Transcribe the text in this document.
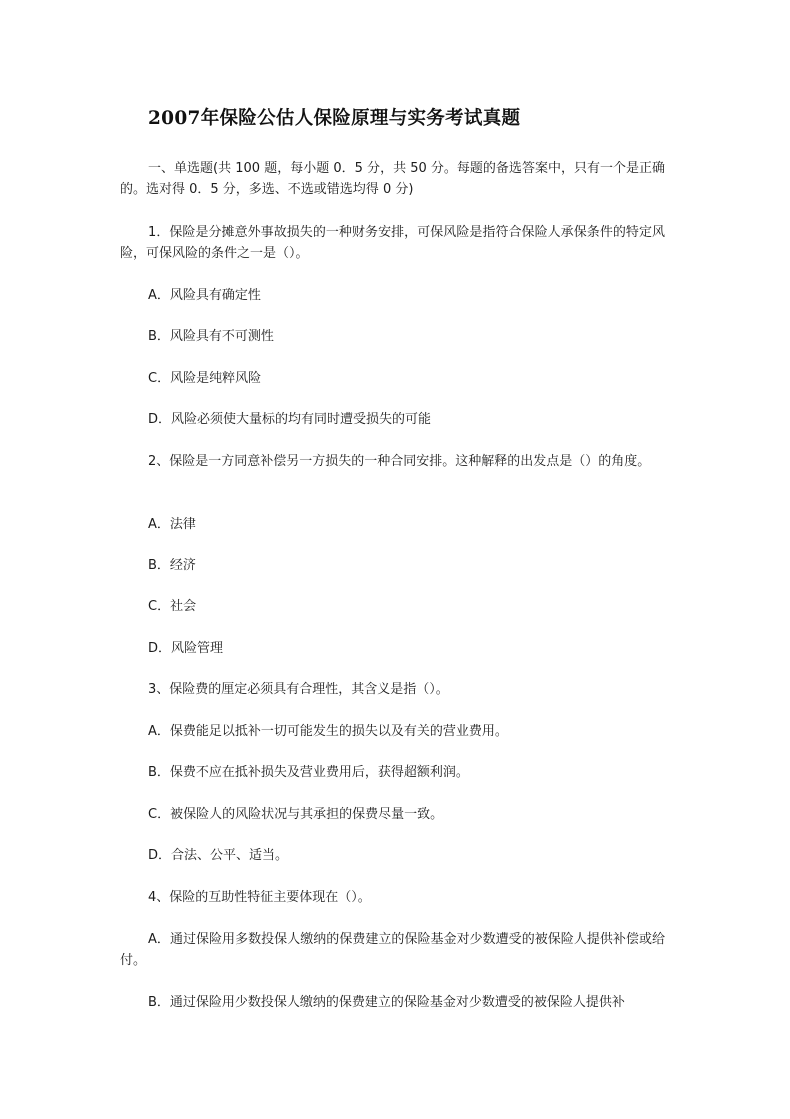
2007年保险公估人保险原理与实务考试真题

一、单选题(共 100 题，每小题 0．5 分，共 50 分。每题的备选答案中，只有一个是正确的。选对得 0．5 分，多选、不选或错选均得 0 分)

1．保险是分摊意外事故损失的一种财务安排，可保风险是指符合保险人承保条件的特定风险，可保风险的条件之一是（）。

A．风险具有确定性

B．风险具有不可测性

C．风险是纯粹风险

D．风险必须使大量标的均有同时遭受损失的可能

2、保险是一方同意补偿另一方损失的一种合同安排。这种解释的出发点是（）的角度。

A．法律

B．经济

C．社会

D．风险管理

3、保险费的厘定必须具有合理性，其含义是指（）。

A．保费能足以抵补一切可能发生的损失以及有关的营业费用。

B．保费不应在抵补损失及营业费用后，获得超额利润。

C．被保险人的风险状况与其承担的保费尽量一致。

D．合法、公平、适当。

4、保险的互助性特征主要体现在（）。

A．通过保险用多数投保人缴纳的保费建立的保险基金对少数遭受的被保险人提供补偿或给付。

B．通过保险用少数投保人缴纳的保费建立的保险基金对少数遭受的被保险人提供补
